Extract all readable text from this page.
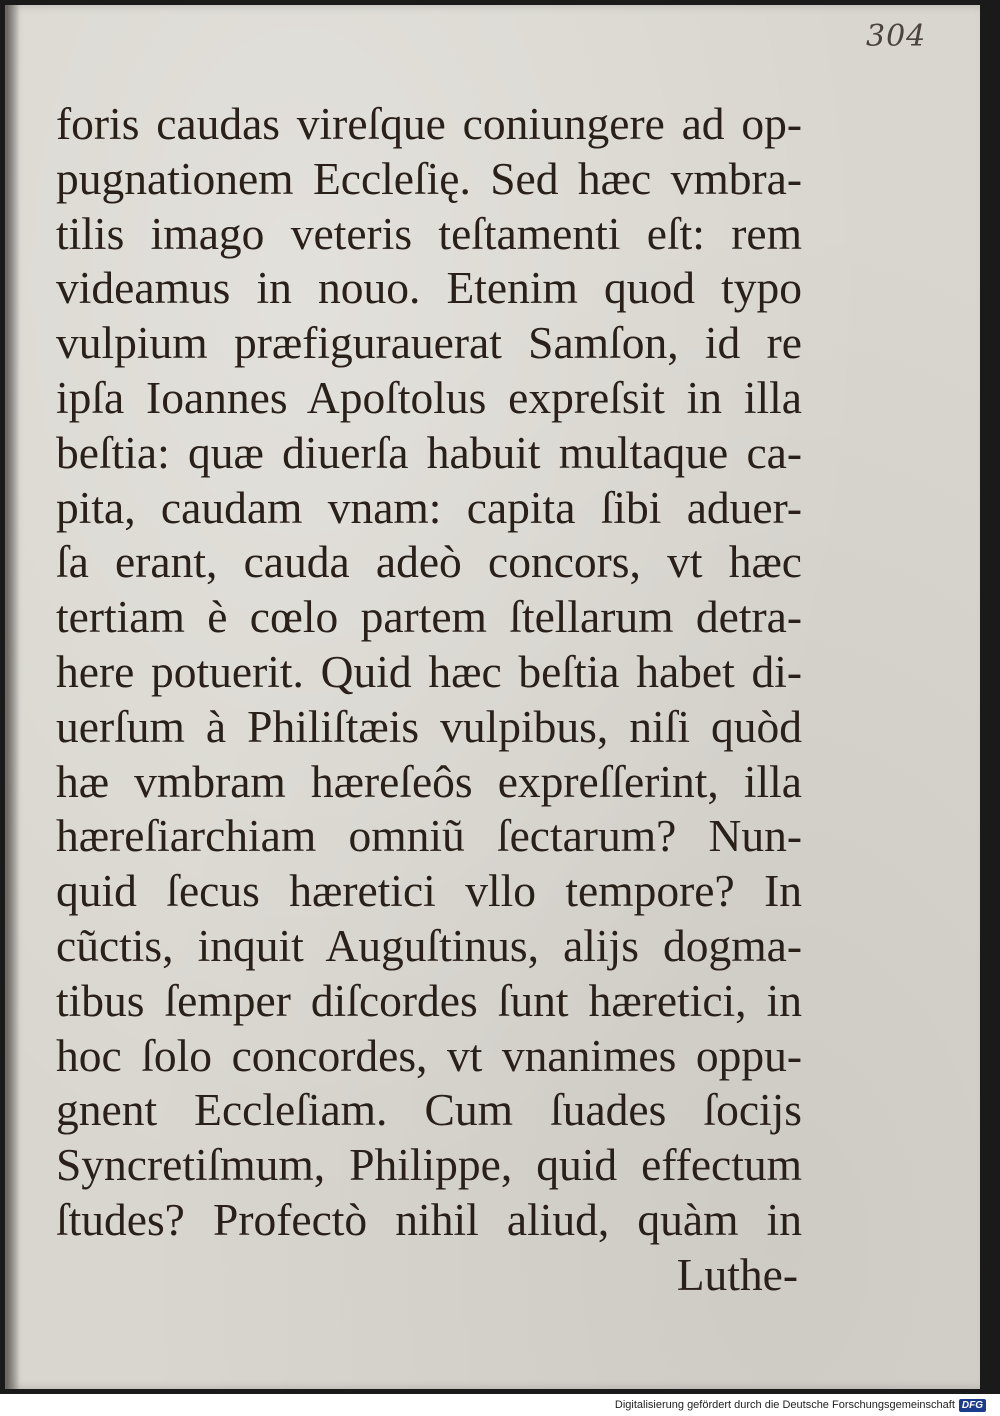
304
foris caudas vireſque coniungere ad op-
pugnationem Eccleſię. Sed hæc vmbra-
tilis imago veteris teſtamenti eſt: rem
videamus in nouo. Etenim quod typo
vulpium præfigurauerat Samſon, id re
ipſa Ioannes Apoſtolus expreſsit in illa
beſtia: quæ diuerſa habuit multaque ca-
pita, caudam vnam: capita ſibi aduer-
ſa erant, cauda adeò concors, vt hæc
tertiam è cœlo partem ſtellarum detra-
here potuerit. Quid hæc beſtia habet di-
uerſum à Philiſtæis vulpibus, niſi quòd
hæ vmbram hæreſeôs expreſſerint, illa
hæreſiarchiam omniũ ſectarum? Nun-
quid ſecus hæretici vllo tempore? In
cũctis, inquit Auguſtinus, alijs dogma-
tibus ſemper diſcordes ſunt hæretici, in
hoc ſolo concordes, vt vnanimes oppu-
gnent Eccleſiam. Cum ſuades ſocijs
Syncretiſmum, Philippe, quid effectum
ſtudes? Profectò nihil aliud, quàm in
Luthe-
Digitalisierung gefördert durch die Deutsche Forschungsgemeinschaft DFG
